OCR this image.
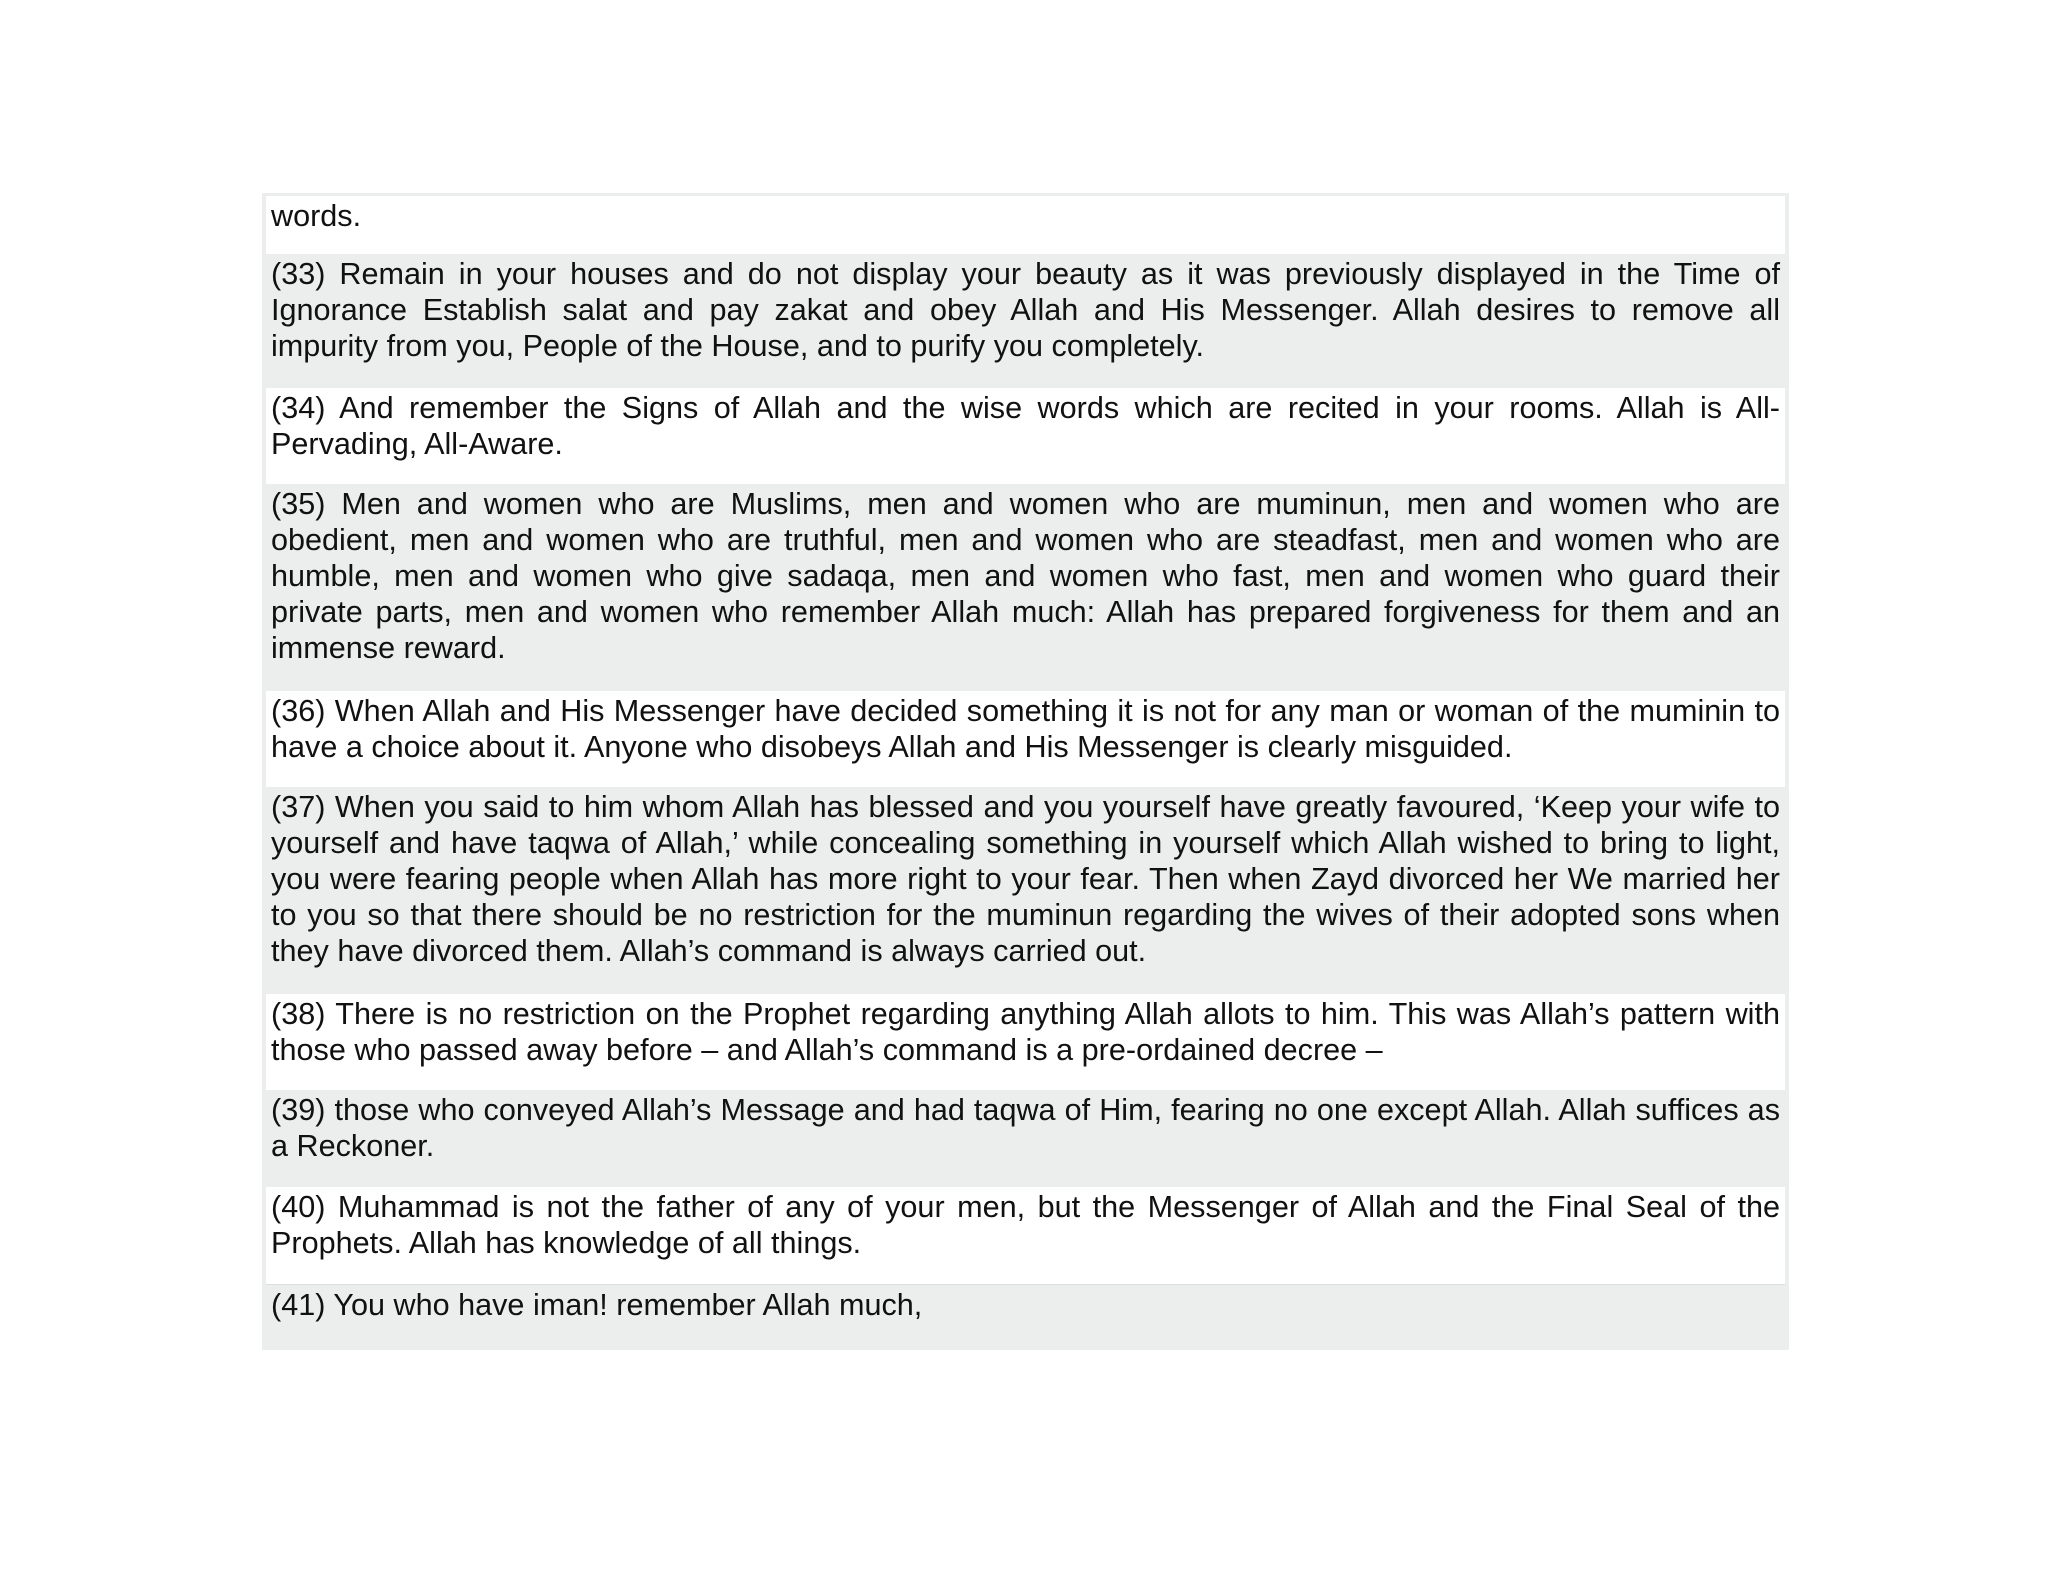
words.
(33) Remain in your houses and do not display your beauty as it was previously displayed in the Time of Ignorance Establish salat and pay zakat and obey Allah and His Messenger. Allah desires to remove all impurity from you, People of the House, and to purify you completely.
(34) And remember the Signs of Allah and the wise words which are recited in your rooms. Allah is All-Pervading, All-Aware.
(35) Men and women who are Muslims, men and women who are muminun, men and women who are obedient, men and women who are truthful, men and women who are steadfast, men and women who are humble, men and women who give sadaqa, men and women who fast, men and women who guard their private parts, men and women who remember Allah much: Allah has prepared forgiveness for them and an immense reward.
(36) When Allah and His Messenger have decided something it is not for any man or woman of the muminin to have a choice about it. Anyone who disobeys Allah and His Messenger is clearly misguided.
(37) When you said to him whom Allah has blessed and you yourself have greatly favoured, ‘Keep your wife to yourself and have taqwa of Allah,’ while concealing something in yourself which Allah wished to bring to light, you were fearing people when Allah has more right to your fear. Then when Zayd divorced her We married her to you so that there should be no restriction for the muminun regarding the wives of their adopted sons when they have divorced them. Allah’s command is always carried out.
(38) There is no restriction on the Prophet regarding anything Allah allots to him. This was Allah’s pattern with those who passed away before – and Allah’s command is a pre-ordained decree –
(39) those who conveyed Allah’s Message and had taqwa of Him, fearing no one except Allah. Allah suffices as a Reckoner.
(40) Muhammad is not the father of any of your men, but the Messenger of Allah and the Final Seal of the Prophets. Allah has knowledge of all things.
(41) You who have iman! remember Allah much,
